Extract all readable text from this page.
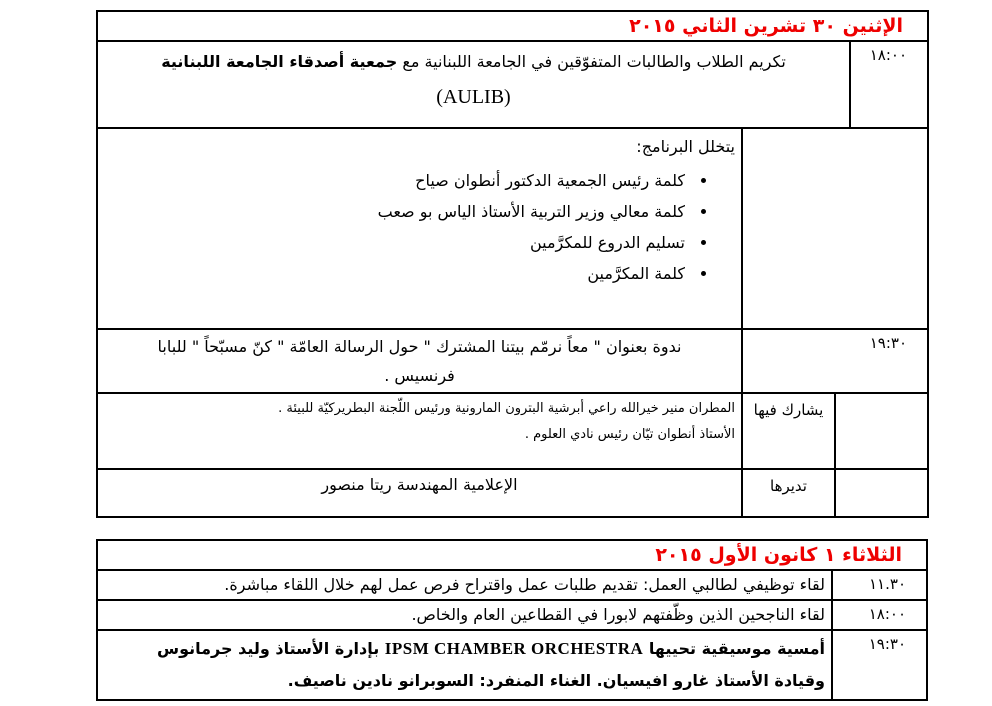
الإثنين ٣٠ تشرين الثاني ٢٠١٥			
١٨:٠٠	تكريم الطلاب والطالبات المتفوّقين في الجامعة اللبنانية مع جمعية أصدقاء الجامعة اللبنانية
(AULIB)		

يتخلل البرنامج:
• كلمة رئيس الجمعية الدكتور أنطوان صياح
• كلمة معالي وزير التربية الأستاذ الياس بو صعب
• تسليم الدروع للمكرَّمين
• كلمة المكرَّمين

١٩:٣٠			ندوة بعنوان " معاً نرمّم بيتنا المشترك " حول الرسالة العامّة " كنّ مسبّحاً " للبابا
فرنسيس .

		يشارك فيها	المطران منير خيرالله راعي أبرشية البترون المارونية ورئيس اللّجنة البطريركيّة للبيئة .
الأستاذ أنطوان تيّان رئيس نادي العلوم .

		تديرها	الإعلامية المهندسة ريتا منصور
الثلاثاء ١ كانون الأول ٢٠١٥	
١١.٣٠	لقاء توظيفي لطالبي العمل: تقديم طلبات عمل واقتراح فرص عمل لهم خلال اللقاء مباشرة.
١٨:٠٠	لقاء الناجحين الذين وظّفتهم لابورا في القطاعين العام والخاص.
١٩:٣٠	أمسية موسيقية تحييها IPSM CHAMBER ORCHESTRA بإدارة الأستاذ وليد جرمانوس وقيادة الأستاذ غارو افيسيان. الغناء المنفرد: السوبرانو نادين ناصيف.
